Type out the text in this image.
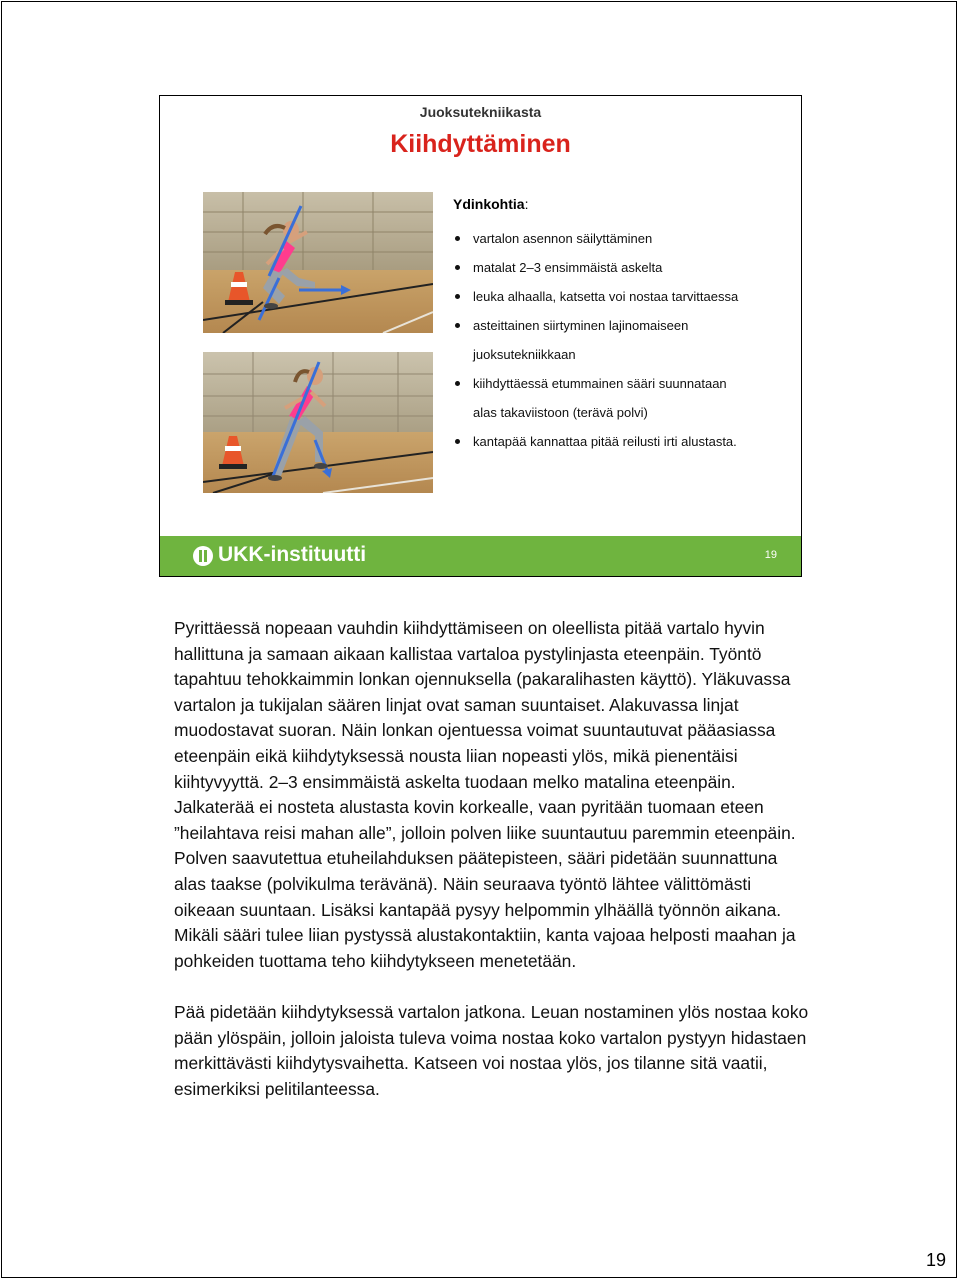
Juoksutekniikasta
Kiihdyttäminen
Ydinkohtia:
vartalon asennon säilyttäminen
matalat 2–3 ensimmäistä askelta
leuka alhaalla, katsetta voi nostaa tarvittaessa
asteittainen siirtyminen lajinomaiseen
juoksutekniikkaan
kiihdyttäessä etummainen sääri suunnataan
alas takaviistoon (terävä polvi)
kantapää kannattaa pitää reilusti irti alustasta.
UKK-instituutti	19

Pyrittäessä nopeaan vauhdin kiihdyttämiseen on oleellista pitää vartalo hyvin hallittuna ja samaan aikaan kallistaa vartaloa pystylinjasta eteenpäin. Työntö tapahtuu tehokkaimmin lonkan ojennuksella (pakaralihasten käyttö). Yläkuvassa vartalon ja tukijalan säären linjat ovat saman suuntaiset. Alakuvassa linjat muodostavat suoran. Näin lonkan ojentuessa voimat suuntautuvat pääasiassa eteenpäin eikä kiihdytyksessä nousta liian nopeasti ylös, mikä pienentäisi kiihtyvyyttä. 2–3 ensimmäistä askelta tuodaan melko matalina eteenpäin. Jalkaterää ei nosteta alustasta kovin korkealle, vaan pyritään tuomaan eteen ”heilahtava reisi mahan alle”, jolloin polven liike suuntautuu paremmin eteenpäin. Polven saavutettua etuheilahduksen päätepisteen, sääri pidetään suunnattuna alas taakse (polvikulma terävänä). Näin seuraava työntö lähtee välittömästi oikeaan suuntaan. Lisäksi kantapää pysyy helpommin ylhäällä työnnön aikana. Mikäli sääri tulee liian pystyssä alustakontaktiin, kanta vajoaa helposti maahan ja pohkeiden tuottama teho kiihdytykseen menetetään.

Pää pidetään kiihdytyksessä vartalon jatkona. Leuan nostaminen ylös nostaa koko pään ylöspäin, jolloin jaloista tuleva voima nostaa koko vartalon pystyyn hidastaen merkittävästi kiihdytysvaihetta. Katseen voi nostaa ylös, jos tilanne sitä vaatii, esimerkiksi pelitilanteessa.

19
